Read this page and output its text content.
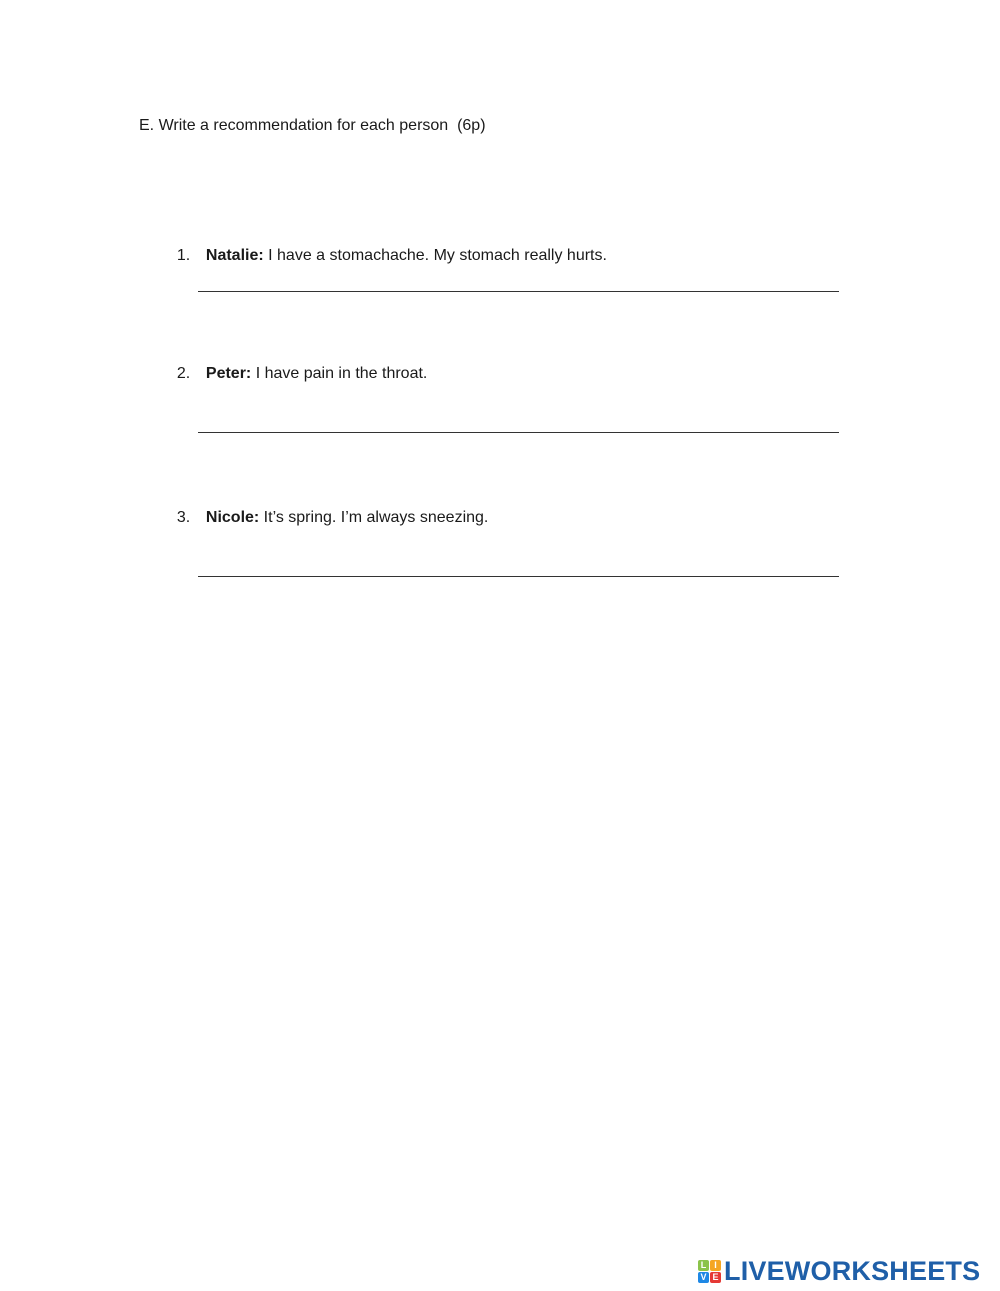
E. Write a recommendation for each person  (6p)

1. Natalie: I have a stomachache. My stomach really hurts.

2. Peter: I have pain in the throat.

3. Nicole: It’s spring. I’m always sneezing.

L I
V E LIVEWORKSHEETS
